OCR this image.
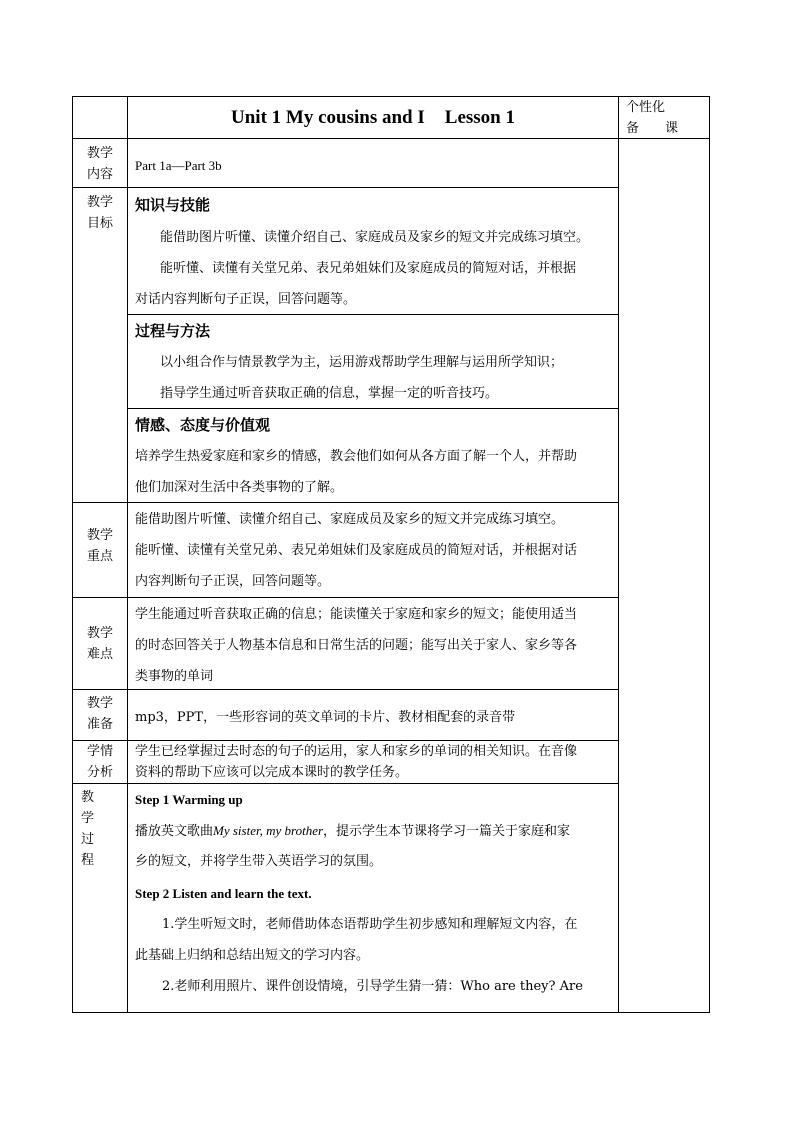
Unit 1 My cousins and I Lesson 1	个性化
备　　课
教学
内容
Part 1a—Part 3b
教学
目标
知识与技能
能借助图片听懂、读懂介绍自己、家庭成员及家乡的短文并完成练习填空。
能听懂、读懂有关堂兄弟、表兄弟姐妹们及家庭成员的简短对话，并根据
对话内容判断句子正误，回答问题等。
过程与方法
以小组合作与情景教学为主，运用游戏帮助学生理解与运用所学知识；
指导学生通过听音获取正确的信息，掌握一定的听音技巧。
情感、态度与价值观
培养学生热爱家庭和家乡的情感，教会他们如何从各方面了解一个人，并帮助
他们加深对生活中各类事物的了解。
教学
重点
能借助图片听懂、读懂介绍自己、家庭成员及家乡的短文并完成练习填空。
能听懂、读懂有关堂兄弟、表兄弟姐妹们及家庭成员的简短对话，并根据对话
内容判断句子正误，回答问题等。
教学
难点
学生能通过听音获取正确的信息；能读懂关于家庭和家乡的短文；能使用适当
的时态回答关于人物基本信息和日常生活的问题；能写出关于家人、家乡等各
类事物的单词
教学
准备	mp3，PPT，一些形容词的英文单词的卡片、教材相配套的录音带
学情
分析
学生已经掌握过去时态的句子的运用，家人和家乡的单词的相关知识。在音像
资料的帮助下应该可以完成本课时的教学任务。
教
学
过
程
Step 1 Warming up
播放英文歌曲My sister, my brother，提示学生本节课将学习一篇关于家庭和家
乡的短文，并将学生带入英语学习的氛围。
Step 2 Listen and learn the text.
1.学生听短文时，老师借助体态语帮助学生初步感知和理解短文内容，在
此基础上归纳和总结出短文的学习内容。
2.老师利用照片、课件创设情境，引导学生猜一猜：Who are they? Are
